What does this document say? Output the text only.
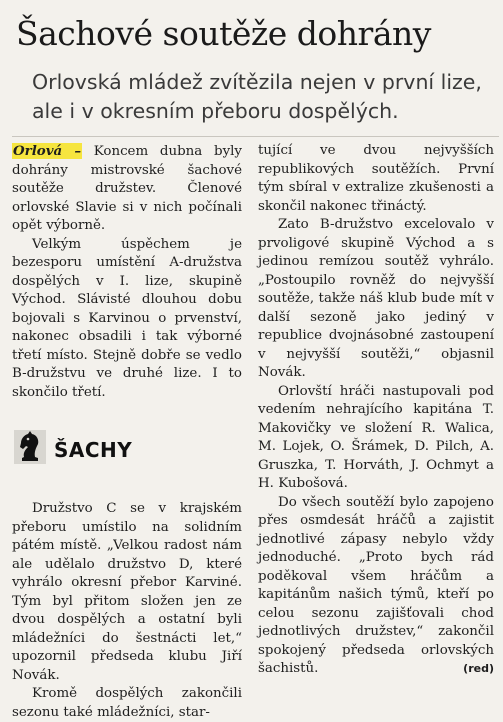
Šachové soutěže dohrány
Orlovská mládež zvítězila nejen v první lize, ale i v okresním přeboru dospělých.

Orlová – Koncem dubna byly dohrány mistrovské šachové soutěže družstev. Členové orlovské Slavie si v nich počínali opět výborně.

Velkým úspěchem je bezesporu umístění A-družstva dospělých v I. lize, skupině Východ. Slávisté dlouhou dobu bojovali s Karvinou o prvenství, nakonec obsadili i tak výborné třetí místo. Stejně dobře se vedlo B-družstvu ve druhé lize. I to skončilo třetí.

ŠACHY

Družstvo C se v krajském přeboru umístilo na solidním pátém místě. „Velkou radost nám ale udělalo družstvo D, které vyhrálo okresní přebor Karviné. Tým byl přitom složen jen ze dvou dospělých a ostatní byli mládežníci do šestnácti let,“ upozornil předseda klubu Jiří Novák.

Kromě dospělých zakončili sezonu také mládežníci, star-

tující ve dvou nejvyšších republikových soutěžích. První tým sbíral v extralize zkušenosti a skončil nakonec třináctý.

Zato B-družstvo excelovalo v prvoligové skupině Východ a s jedinou remízou soutěž vyhrálo. „Postoupilo rovněž do nejvyšší soutěže, takže náš klub bude mít v další sezoně jako jediný v republice dvojnásobné zastoupení v nejvyšší soutěži,“ objasnil Novák.

Orlovští hráči nastupovali pod vedením nehrajícího kapitána T. Makovičky ve složení R. Walica, M. Lojek, O. Šrámek, D. Pilch, A. Gruszka, T. Horváth, J. Ochmyt a H. Kubošová.

Do všech soutěží bylo zapojeno přes osmdesát hráčů a zajistit jednotlivé zápasy nebylo vždy jednoduché. „Proto bych rád poděkoval všem hráčům a kapitánům našich týmů, kteří po celou sezonu zajišťovali chod jednotlivých družstev,“ zakončil spokojený předseda orlovských šachistů.	(red)
